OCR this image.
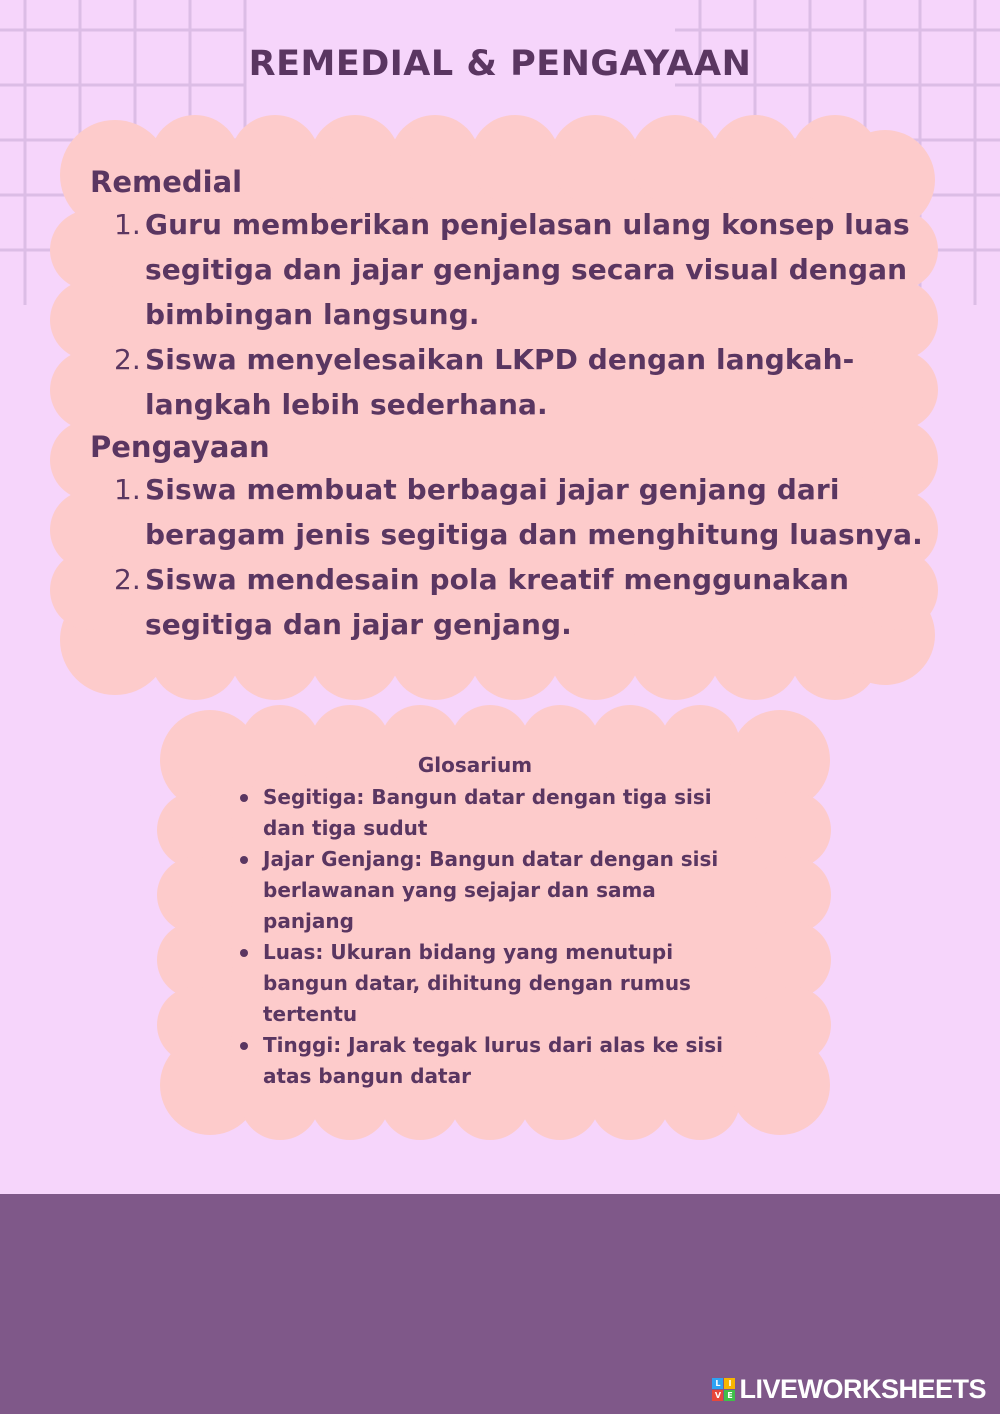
REMEDIAL & PENGAYAAN
Remedial
1. Guru memberikan penjelasan ulang konsep luas segitiga dan jajar genjang secara visual dengan bimbingan langsung.
2. Siswa menyelesaikan LKPD dengan langkah-langkah lebih sederhana.
Pengayaan
1. Siswa membuat berbagai jajar genjang dari beragam jenis segitiga dan menghitung luasnya.
2. Siswa mendesain pola kreatif menggunakan segitiga dan jajar genjang.
Glosarium
Segitiga: Bangun datar dengan tiga sisi dan tiga sudut
Jajar Genjang: Bangun datar dengan sisi berlawanan yang sejajar dan sama panjang
Luas: Ukuran bidang yang menutupi bangun datar, dihitung dengan rumus tertentu
Tinggi: Jarak tegak lurus dari alas ke sisi atas bangun datar
L I
V E LIVEWORKSHEETS
